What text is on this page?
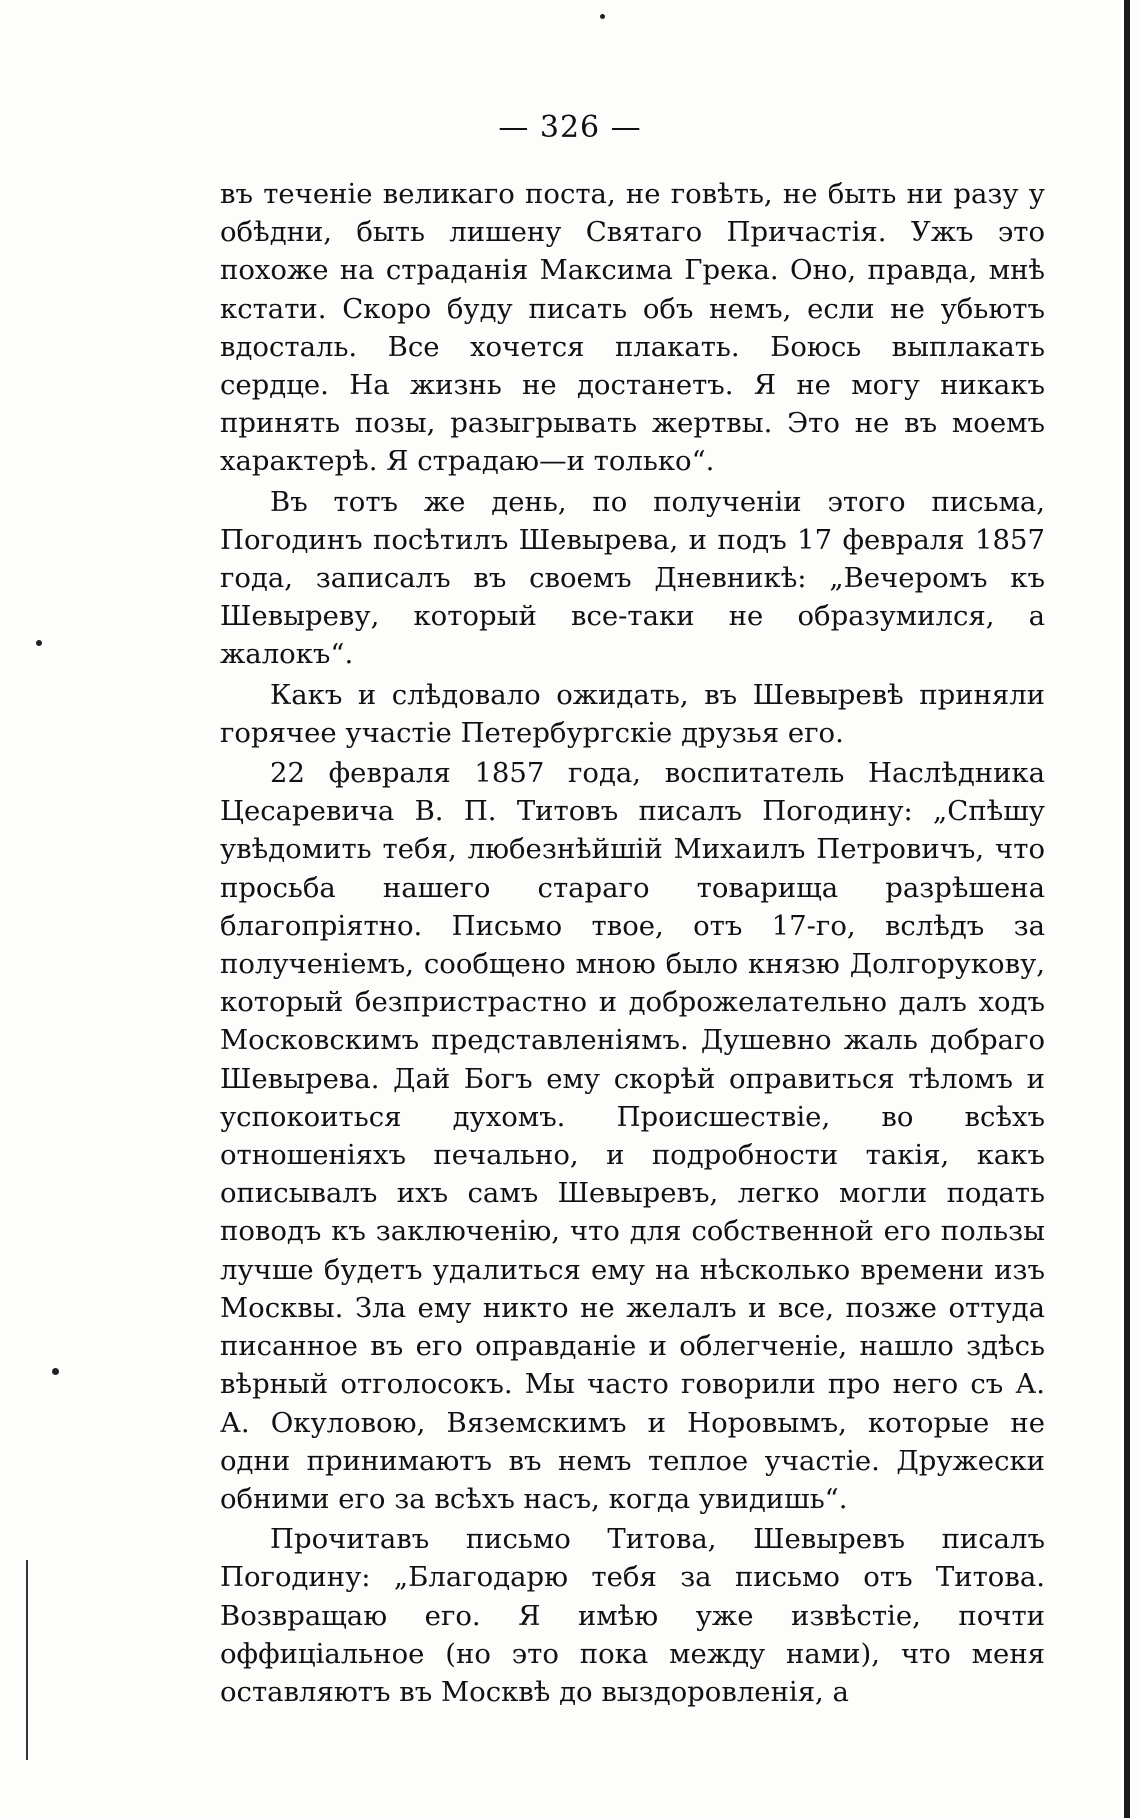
— 326 —

въ теченіе великаго поста, не говѣть, не быть ни разу у обѣдни, быть лишену Святаго Причастія. Ужъ это похоже на страданія Максима Грека. Оно, правда, мнѣ кстати. Скоро буду писать объ немъ, если не убьютъ вдосталь. Все хочется плакать. Боюсь выплакать сердце. На жизнь не достанетъ. Я не могу никакъ принять позы, разыгрывать жертвы. Это не въ моемъ характерѣ. Я страдаю—и только“.

Въ тотъ же день, по полученіи этого письма, Погодинъ посѣтилъ Шевырева, и подъ 17 февраля 1857 года, записалъ въ своемъ Дневникѣ: „Вечеромъ къ Шевыреву, который все-таки не образумился, а жалокъ“.

Какъ и слѣдовало ожидать, въ Шевыревѣ приняли горячее участіе Петербургскіе друзья его.

22 февраля 1857 года, воспитатель Наслѣдника Цесаревича В. П. Титовъ писалъ Погодину: „Спѣшу увѣдомить тебя, любезнѣйшій Михаилъ Петровичъ, что просьба нашего стараго товарища разрѣшена благопріятно. Письмо твое, отъ 17-го, вслѣдъ за полученіемъ, сообщено мною было князю Долгорукову, который безпристрастно и доброжелательно далъ ходъ Московскимъ представленіямъ. Душевно жаль добраго Шевырева. Дай Богъ ему скорѣй оправиться тѣломъ и успокоиться духомъ. Происшествіе, во всѣхъ отношеніяхъ печально, и подробности такія, какъ описывалъ ихъ самъ Шевыревъ, легко могли подать поводъ къ заключенію, что для собственной его пользы лучше будетъ удалиться ему на нѣсколько времени изъ Москвы. Зла ему никто не желалъ и все, позже оттуда писанное въ его оправданіе и облегченіе, нашло здѣсь вѣрный отголосокъ. Мы часто говорили про него съ А. А. Окуловою, Вяземскимъ и Норовымъ, которые не одни принимаютъ въ немъ теплое участіе. Дружески обними его за всѣхъ насъ, когда увидишь“.

Прочитавъ письмо Титова, Шевыревъ писалъ Погодину: „Благодарю тебя за письмо отъ Титова. Возвращаю его. Я имѣю уже извѣстіе, почти оффиціальное (но это пока между нами), что меня оставляютъ въ Москвѣ до выздоровленія, а
